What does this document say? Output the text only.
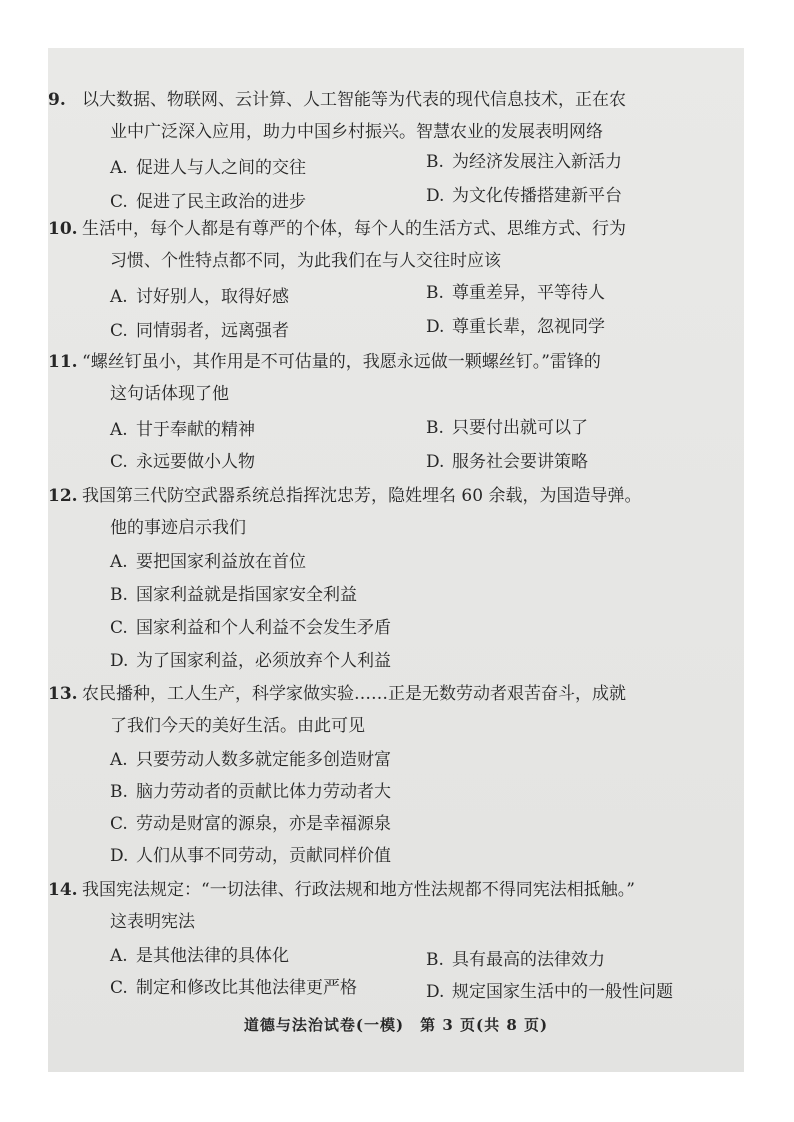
9. 以大数据、物联网、云计算、人工智能等为代表的现代信息技术，正在农
业中广泛深入应用，助力中国乡村振兴。智慧农业的发展表明网络
A. 促进人与人之间的交往	B. 为经济发展注入新活力
C. 促进了民主政治的进步	D. 为文化传播搭建新平台
10. 生活中，每个人都是有尊严的个体，每个人的生活方式、思维方式、行为
习惯、个性特点都不同，为此我们在与人交往时应该
A. 讨好别人，取得好感	B. 尊重差异，平等待人
C. 同情弱者，远离强者	D. 尊重长辈，忽视同学
11. “螺丝钉虽小，其作用是不可估量的，我愿永远做一颗螺丝钉。”雷锋的
这句话体现了他
A. 甘于奉献的精神	B. 只要付出就可以了
C. 永远要做小人物	D. 服务社会要讲策略
12. 我国第三代防空武器系统总指挥沈忠芳，隐姓埋名 60 余载，为国造导弹。
他的事迹启示我们
A. 要把国家利益放在首位
B. 国家利益就是指国家安全利益
C. 国家利益和个人利益不会发生矛盾
D. 为了国家利益，必须放弃个人利益
13. 农民播种，工人生产，科学家做实验……正是无数劳动者艰苦奋斗，成就
了我们今天的美好生活。由此可见
A. 只要劳动人数多就定能多创造财富
B. 脑力劳动者的贡献比体力劳动者大
C. 劳动是财富的源泉，亦是幸福源泉
D. 人们从事不同劳动，贡献同样价值
14. 我国宪法规定：“一切法律、行政法规和地方性法规都不得同宪法相抵触。”
这表明宪法
A. 是其他法律的具体化	B. 具有最高的法律效力
C. 制定和修改比其他法律更严格	D. 规定国家生活中的一般性问题
道德与法治试卷(一模)　第 3 页(共 8 页)
